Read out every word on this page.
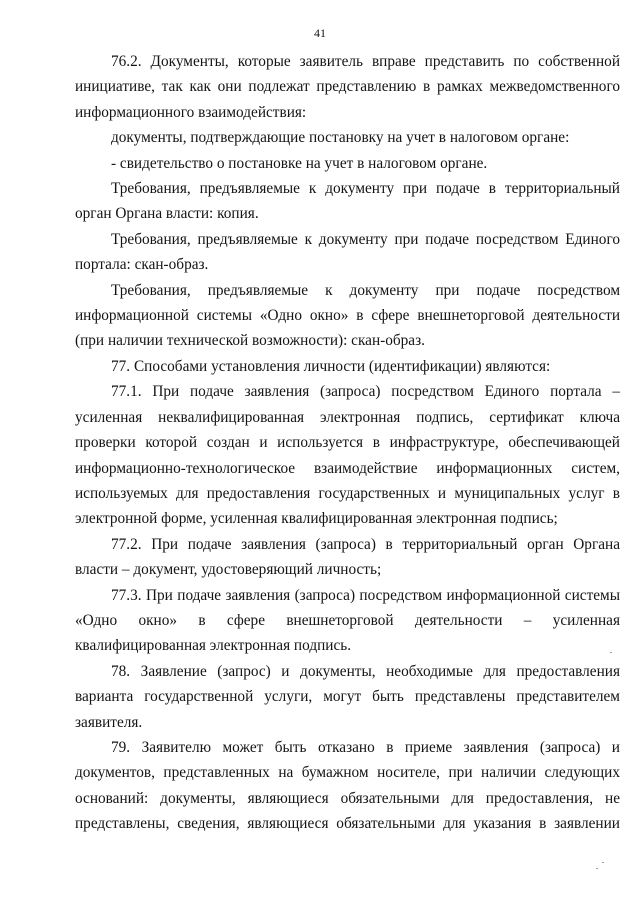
41

76.2. Документы, которые заявитель вправе представить по собственной инициативе, так как они подлежат представлению в рамках межведомственного информационного взаимодействия:

документы, подтверждающие постановку на учет в налоговом органе:

- свидетельство о постановке на учет в налоговом органе.

Требования, предъявляемые к документу при подаче в территориальный орган Органа власти: копия.

Требования, предъявляемые к документу при подаче посредством Единого портала: скан-образ.

Требования, предъявляемые к документу при подаче посредством информационной системы «Одно окно» в сфере внешнеторговой деятельности (при наличии технической возможности): скан-образ.

77. Способами установления личности (идентификации) являются:

77.1. При подаче заявления (запроса) посредством Единого портала – усиленная неквалифицированная электронная подпись, сертификат ключа проверки которой создан и используется в инфраструктуре, обеспечивающей информационно-технологическое взаимодействие информационных систем, используемых для предоставления государственных и муниципальных услуг в электронной форме, усиленная квалифицированная электронная подпись;

77.2. При подаче заявления (запроса) в территориальный орган Органа власти – документ, удостоверяющий личность;

77.3. При подаче заявления (запроса) посредством информационной системы «Одно окно» в сфере внешнеторговой деятельности – усиленная квалифицированная электронная подпись.

78. Заявление (запрос) и документы, необходимые для предоставления варианта государственной услуги, могут быть представлены представителем заявителя.

79. Заявителю может быть отказано в приеме заявления (запроса) и документов, представленных на бумажном носителе, при наличии следующих оснований: документы, являющиеся обязательными для предоставления, не представлены, сведения, являющиеся обязательными для указания в заявлении
